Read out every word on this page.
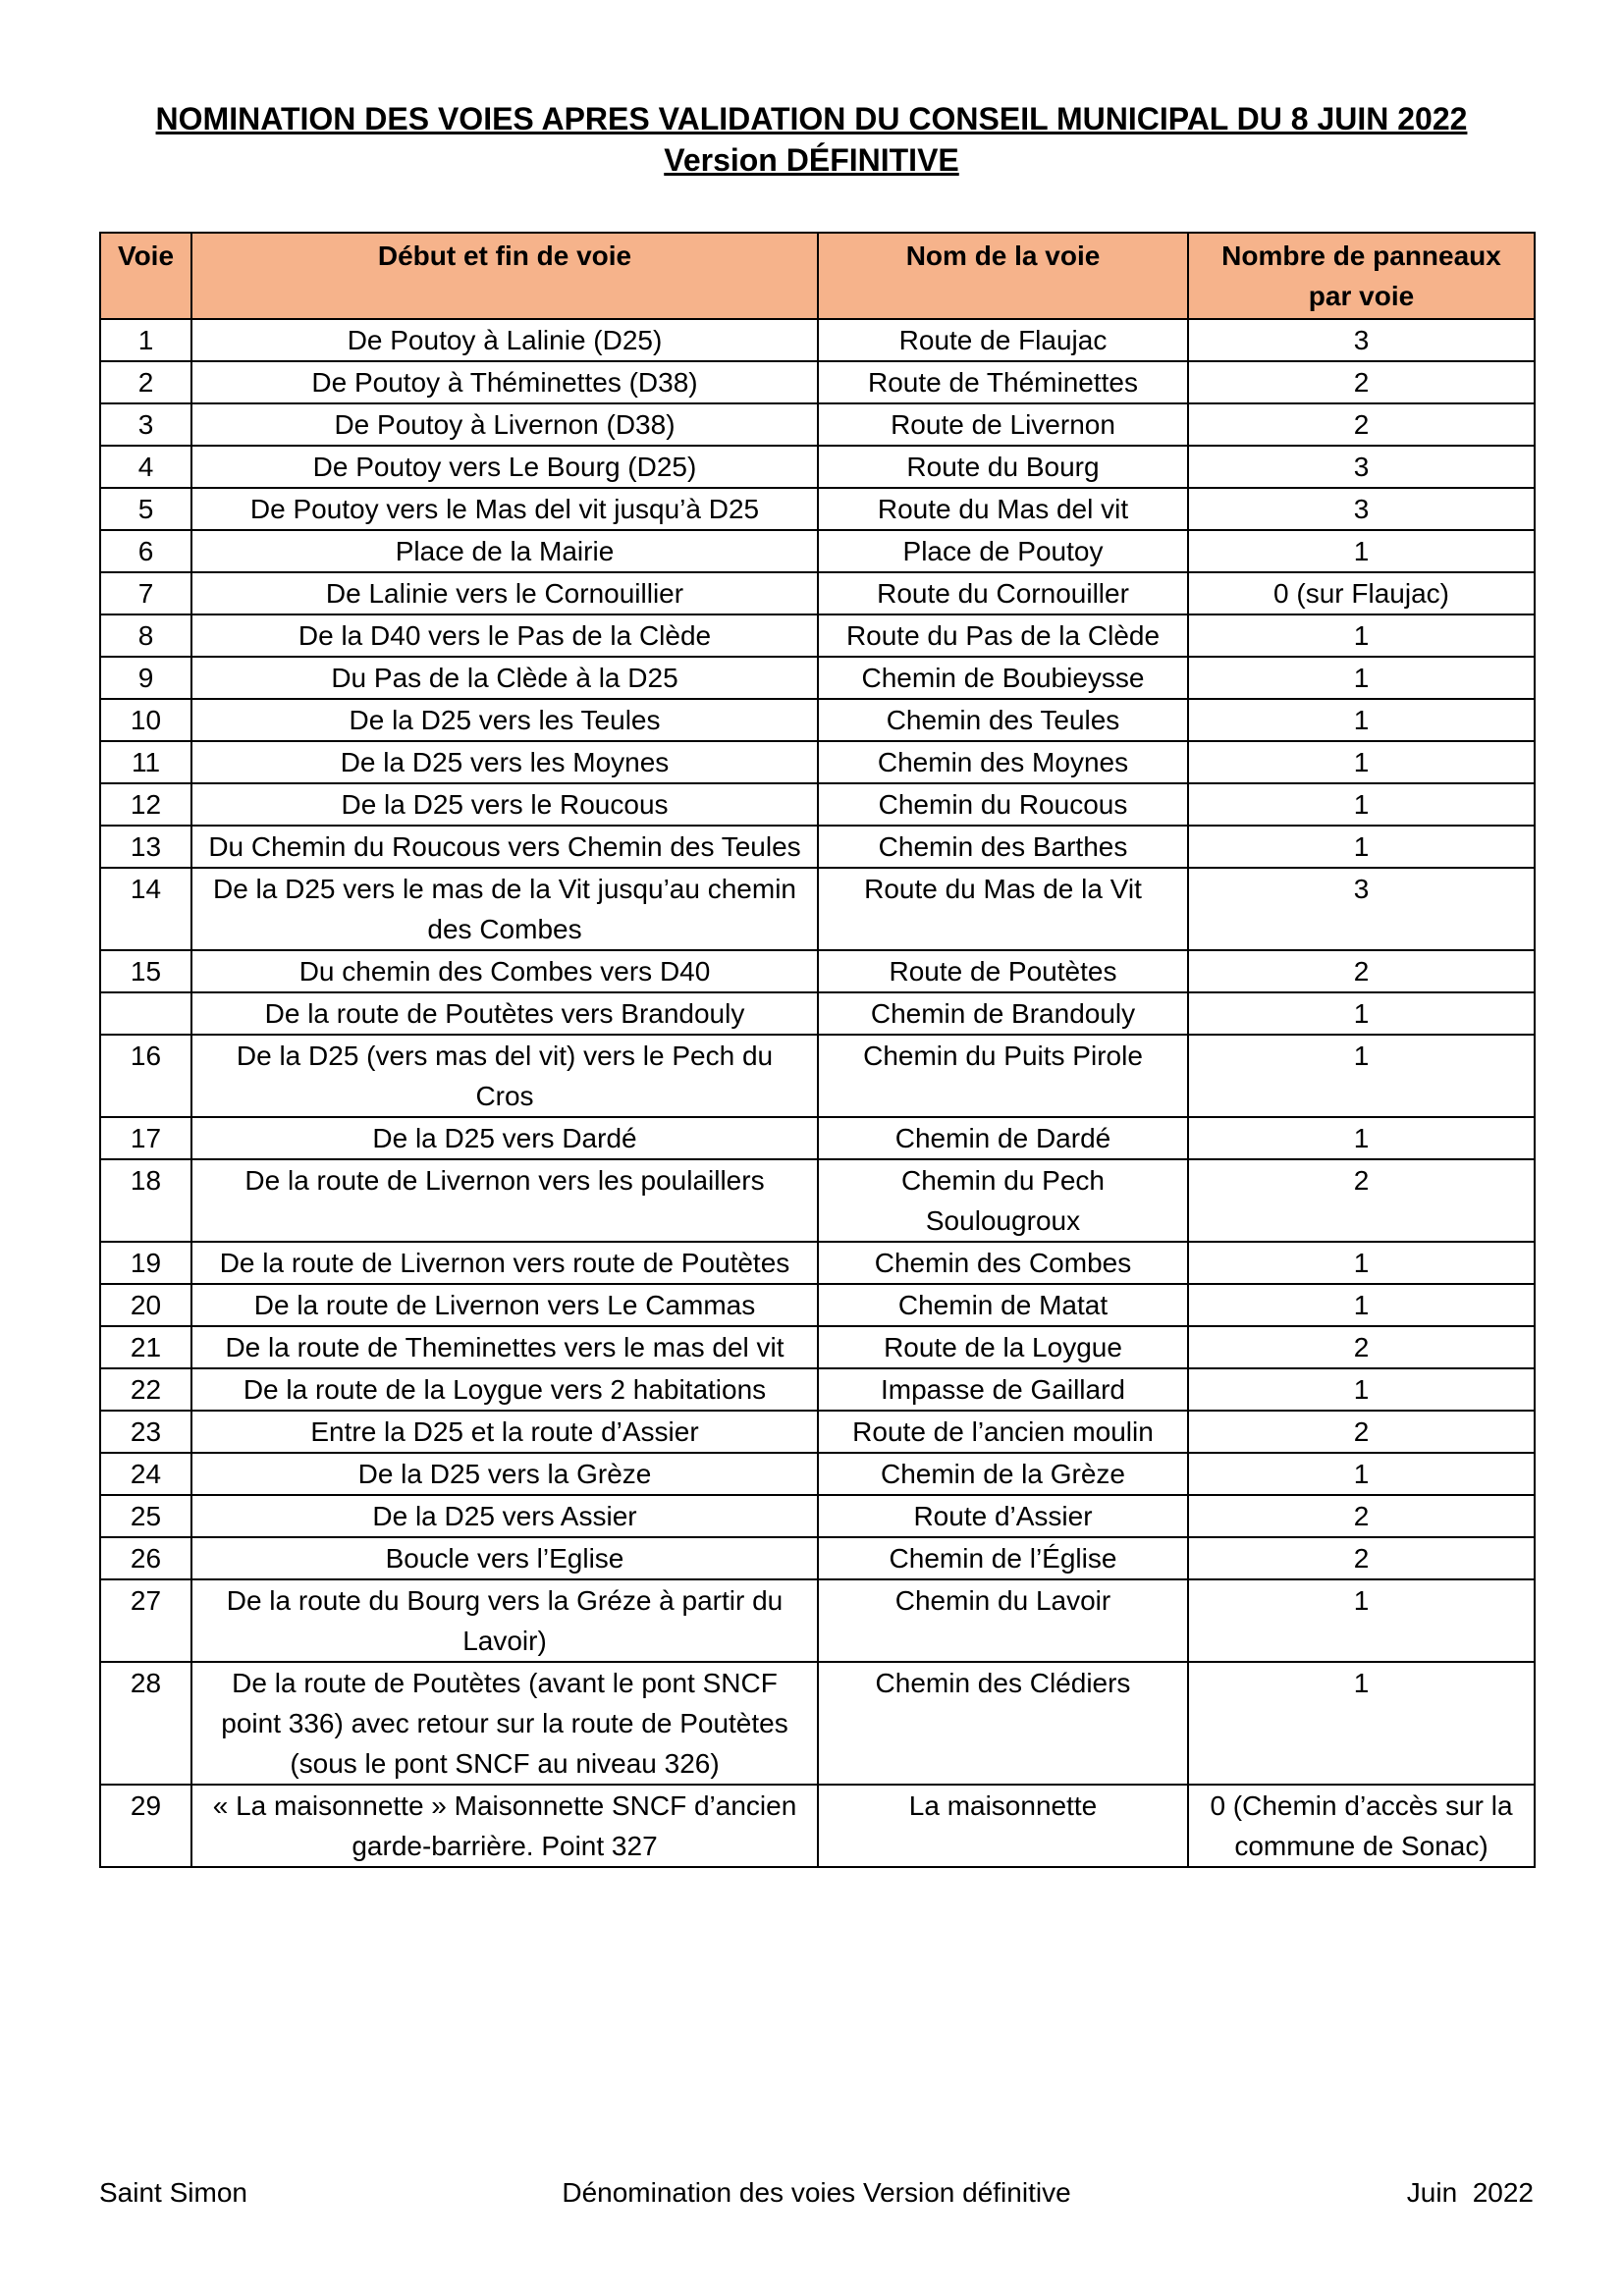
NOMINATION DES VOIES APRES VALIDATION DU CONSEIL MUNICIPAL DU 8 JUIN 2022
Version DÉFINITIVE
Voie	Début et fin de voie	Nom de la voie	Nombre de panneaux par voie
1	De Poutoy à Lalinie (D25)	Route de Flaujac	3
2	De Poutoy à Théminettes (D38)	Route de Théminettes	2
3	De Poutoy à Livernon (D38)	Route de Livernon	2
4	De Poutoy vers Le Bourg (D25)	Route du Bourg	3
5	De Poutoy vers le Mas del vit jusqu’à D25	Route du Mas del vit	3
6	Place de la Mairie	Place de Poutoy	1
7	De Lalinie vers le Cornouillier	Route du Cornouiller	0 (sur Flaujac)
8	De la D40 vers le Pas de la Clède	Route du Pas de la Clède	1
9	Du Pas de la Clède à la D25	Chemin de Boubieysse	1
10	De la D25 vers les Teules	Chemin des Teules	1
11	De la D25 vers les Moynes	Chemin des Moynes	1
12	De la D25 vers le Roucous	Chemin du Roucous	1
13	Du Chemin du Roucous vers Chemin des Teules	Chemin des Barthes	1
14	De la D25 vers le mas de la Vit jusqu’au chemin des Combes	Route du Mas de la Vit	3
15	Du chemin des Combes vers D40	Route de Poutètes	2
	De la route de Poutètes vers Brandouly	Chemin de Brandouly	1
16	De la D25 (vers mas del vit) vers le Pech du Cros	Chemin du Puits Pirole	1
17	De la D25 vers Dardé	Chemin de Dardé	1
18	De la route de Livernon vers les poulaillers	Chemin du Pech Soulougroux	2
19	De la route de Livernon vers route de Poutètes	Chemin des Combes	1
20	De la route de Livernon vers Le Cammas	Chemin de Matat	1
21	De la route de Theminettes vers le mas del vit	Route de la Loygue	2
22	De la route de la Loygue vers 2 habitations	Impasse de Gaillard	1
23	Entre la D25 et la route d’Assier	Route de l’ancien moulin	2
24	De la D25 vers la Grèze	Chemin de la Grèze	1
25	De la D25 vers Assier	Route d’Assier	2
26	Boucle vers l’Eglise	Chemin de l’Église	2
27	De la route du Bourg vers la Gréze à partir du Lavoir)	Chemin du Lavoir	1
28	De la route de Poutètes (avant le pont SNCF point 336) avec retour sur la route de Poutètes (sous le pont SNCF au niveau 326)	Chemin des Clédiers	1
29	« La maisonnette » Maisonnette SNCF d’ancien garde-barrière. Point 327	La maisonnette	0 (Chemin d’accès sur la commune de Sonac)
Dénomination des voies Version définitive
Saint Simon	Juin  2022
